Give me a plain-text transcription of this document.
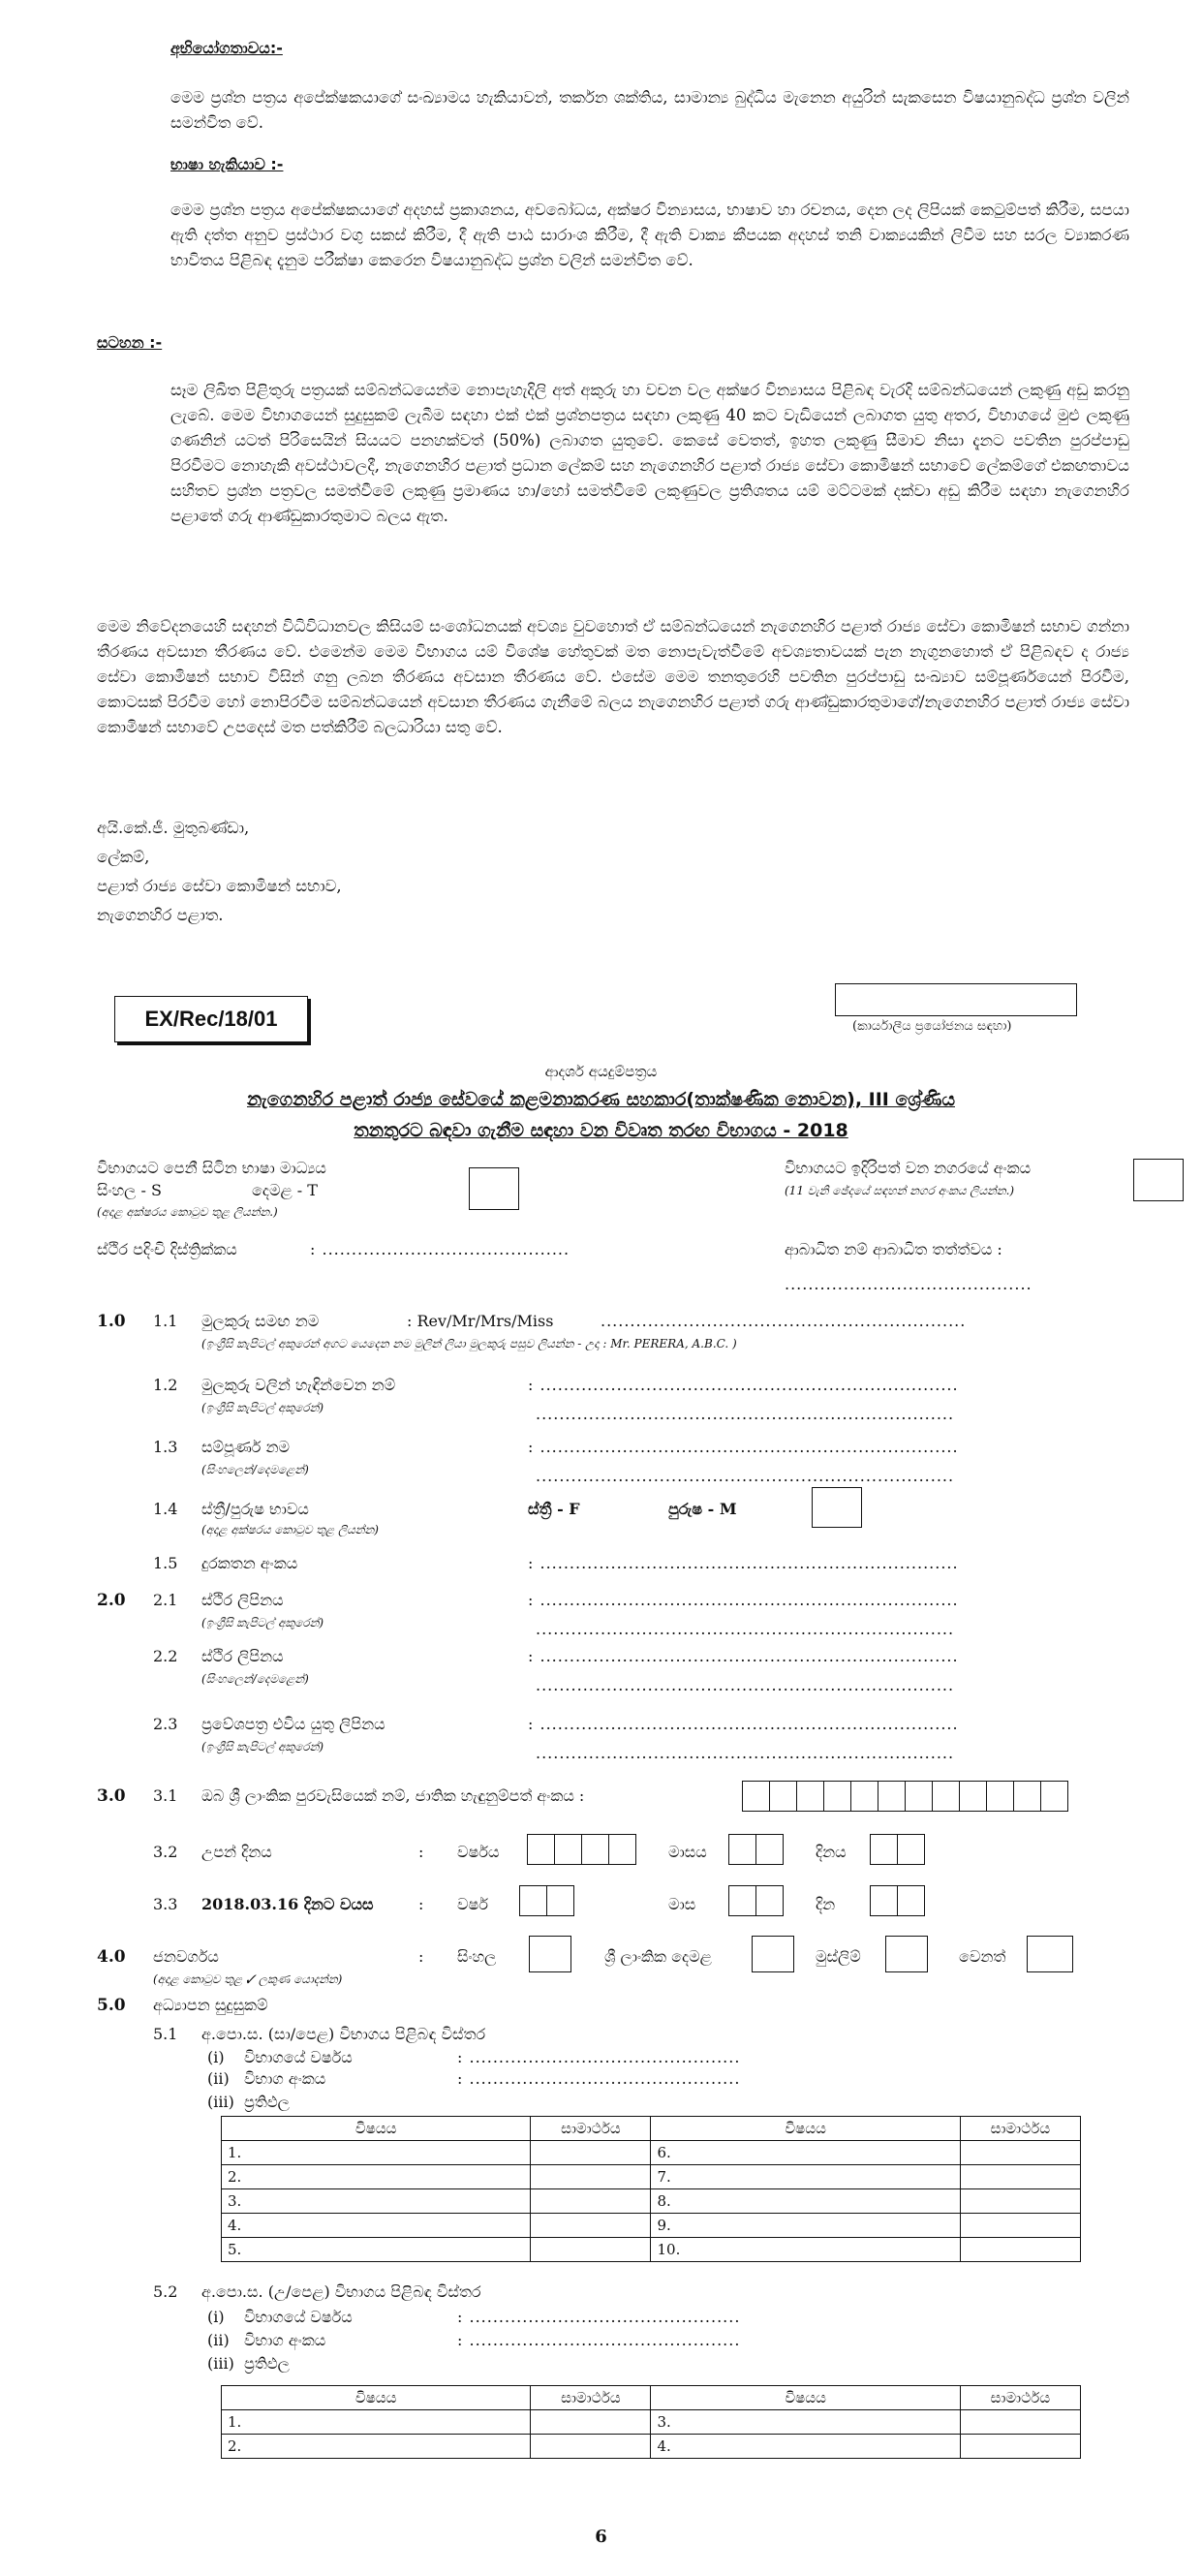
අභියෝගතාවය:-
මෙම ප්‍රශ්න පත්‍රය අපේක්ෂකයාගේ සංඛ්‍යාමය හැකියාවන්, තර්කන ශක්තිය, සාමාන්‍ය බුද්ධිය මැනෙන අයුරින් සැකසෙන විෂයානුබද්ධ ප්‍රශ්න වලින් සමන්විත වේ.
භාෂා හැකියාව :-
මෙම ප්‍රශ්න පත්‍රය අපේක්ෂකයාගේ අදහස් ප්‍රකාශනය, අවබෝධය, අක්ෂර වින්‍යාසය, භාෂාව හා රචනය, දෙන ලද ලිපියක් කෙටුම්පත් කිරීම, සපයා ඇති දත්ත අනුව ප්‍රස්ථාර වගු සකස් කිරීම, දී ඇති පාඨ සාරාංශ කිරීම, දී ඇති වාක්‍ය කීපයක අදහස් තනි වාක්‍යයකින් ලිවීම සහ සරල ව්‍යාකරණ භාවිතය පිළිබඳ දැනුම පරීක්ෂා කෙරෙන විෂයානුබද්ධ ප්‍රශ්න වලින් සමන්විත වේ.
සටහන :-
සෑම ලිඛිත පිළිතුරු පත්‍රයක් සම්බන්ධයෙන්ම නොපැහැදිලි අත් අකුරු හා වචන වල අක්ෂර වින්‍යාසය පිළිබඳ වැරදි සම්බන්ධයෙන් ලකුණු අඩු කරනු ලැබේ. මෙම විභාගයෙන් සුදුසුකම් ලැබීම සඳහා එක් එක් ප්‍රශ්නපත්‍රය සඳහා ලකුණු 40 කට වැඩියෙන් ලබාගත යුතු අතර, විභාගයේ මුළු ලකුණු ගණනින් යටත් පිරිසෙයින් සියයට පනහක්වත් (50%) ලබාගත යුතුවේ. කෙසේ වෙතත්, ඉහත ලකුණු සීමාව නිසා දැනට පවතින පුරප්පාඩු පිරවීමට නොහැකි අවස්ථාවලදී, නැගෙනහිර පළාත් ප්‍රධාන ලේකම් සහ නැගෙනහිර පළාත් රාජ්‍ය සේවා කොමිෂන් සභාවේ ලේකම්ගේ එකඟතාවය සහිතව ප්‍රශ්න පත්‍රවල සමත්වීමේ ලකුණු ප්‍රමාණය හා/හෝ සමත්වීමේ ලකුණුවල ප්‍රතිශතය යම් මට්ටමක් දක්වා අඩු කිරීම සඳහා නැගෙනහිර පළාතේ ගරු ආණ්ඩුකාරතුමාට බලය ඇත.
මෙම නිවේදනයෙහි සඳහන් විධිවිධානවල කිසියම් සංශෝධනයක් අවශ්‍ය වුවහොත් ඒ සම්බන්ධයෙන් නැගෙනහිර පළාත් රාජ්‍ය සේවා කොමිෂන් සභාව ගන්නා තීරණය අවසාන තීරණය වේ. එමෙන්ම මෙම විභාගය යම් විශේෂ හේතුවක් මත නොපැවැත්වීමේ අවශ්‍යතාවයක් පැන නැගුනහොත් ඒ පිළිබඳව ද රාජ්‍ය සේවා කොමිෂන් සභාව විසින් ගනු ලබන තීරණය අවසාන තීරණය වේ. එසේම මෙම තනතුරෙහි පවතින පුරප්පාඩු සංඛ්‍යාව සම්පූර්ණයෙන් පිරවීම, කොටසක් පිරවීම හෝ නොපිරවීම සම්බන්ධයෙන් අවසාන තීරණය ගැනීමේ බලය නැගෙනහිර පළාත් ගරු ආණ්ඩුකාරතුමාගේ/නැගෙනහිර පළාත් රාජ්‍ය සේවා කොමිෂන් සභාවේ උපදෙස් මත පත්කිරීම් බලධාරියා සතු වේ.
අයි.කේ.ජී. මුතුබණ්ඩා,
ලේකම්,
පළාත් රාජ්‍ය සේවා කොමිෂන් සභාව,
නැගෙනහිර පළාත.
EX/Rec/18/01	(කාර්යාලීය ප්‍රයෝජනය සඳහා)
ආදර්ශ අයදුම්පත්‍රය
නැගෙනහිර පළාත් රාජ්‍ය සේවයේ කළමනාකරණ සහකාර(තාක්ෂණික නොවන), III ශ්‍රේණිය
තනතුරට බඳවා ගැනීම සඳහා වන විවෘත තරඟ විභාගය - 2018
විභාගයට පෙනී සිටින භාෂා මාධ්‍යය
සිංහල - S	දෙමළ - T
(අදාළ අක්ෂරය කොටුව තුළ ලියන්න.)
විභාගයට ඉදිරිපත් වන නගරයේ අංකය
(11 වැනි ඡේදයේ සඳහන් නගර අංකය ලියන්න.)
ස්ථිර පදිංචි දිස්ත්‍රික්කය	: ..........................................	ආබාධිත නම් ආබාධිත තත්ත්වය :
..........................................
1.0 1.1 මුලකුරු සමඟ නම	: Rev/Mr/Mrs/Miss	..............................................................
(ඉංග්‍රීසි කැපිටල් අකුරෙන් අගට යෙදෙන නම මුලින් ලියා මුලකුරු පසුව ලියන්න - උදා : Mr. PERERA, A.B.C. )
1.2 මුලකුරු වලින් හැඳින්වෙන නම්
(ඉංග්‍රීසි කැපිටල් අකුරෙන්)
: .......................................................................
.......................................................................
1.3 සම්පූර්ණ නම
(සිංහලෙන්/දෙමළෙන්)
: .......................................................................
.......................................................................
1.4 ස්ත්‍රී/පුරුෂ භාවය
(අදාළ අක්ෂරය කොටුව තුළ ලියන්න)
ස්ත්‍රී - F	පුරුෂ - M
1.5 දුරකතන අංකය	: .......................................................................
2.0 2.1 ස්ථිර ලිපිනය
(ඉංග්‍රීසි කැපිටල් අකුරෙන්)
: .......................................................................
.......................................................................
2.2 ස්ථිර ලිපිනය
(සිංහලෙන්/දෙමළෙන්)
: .......................................................................
.......................................................................
2.3 ප්‍රවේශපත්‍ර එවිය යුතු ලිපිනය
(ඉංග්‍රීසි කැපිටල් අකුරෙන්)
: .......................................................................
.......................................................................
3.0 3.1 ඔබ ශ්‍රී ලාංකික පුරවැසියෙක් නම්, ජාතික හැඳුනුම්පත් අංකය :
3.2 උපන් දිනය	: වර්ෂය	මාසය	දිනය
3.3 2018.03.16 දිනට වයස	: වර්ෂ	මාස	දින
4.0 ජනවර්ගය
(අදාළ කොටුව තුළ ✓ ලකුණ යොදන්න)
: සිංහල	ශ්‍රී ලාංකික දෙමළ	මුස්ලිම්	වෙනත්
5.0 අධ්‍යාපන සුදුසුකම්
5.1 අ.පො.ස. (සා/පෙළ) විභාගය පිළිබඳ විස්තර
(i) විභාගයේ වර්ෂය	: ..............................................
(ii) විභාග අංකය	: ..............................................
(iii) ප්‍රතිඵල
විෂයය	සාමාර්ථය	විෂයය	සාමාර්ථය
1.		6.	
2.		7.	
3.		8.	
4.		9.	
5.		10.	
5.2 අ.පො.ස. (උ/පෙළ) විභාගය පිළිබඳ විස්තර
(i) විභාගයේ වර්ෂය	: ..............................................
(ii) විභාග අංකය	: ..............................................
(iii) ප්‍රතිඵල
විෂයය	සාමාර්ථය	විෂයය	සාමාර්ථය
1.		3.	
2.		4.	
6
